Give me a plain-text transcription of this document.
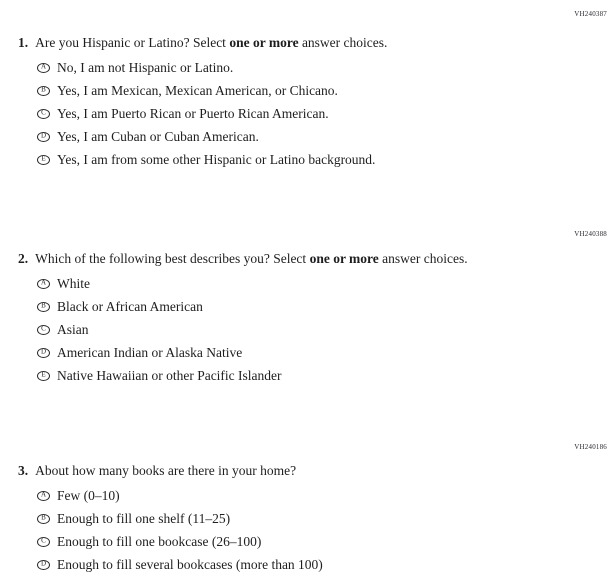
VH240387
1. Are you Hispanic or Latino? Select one or more answer choices.
A No, I am not Hispanic or Latino.
B Yes, I am Mexican, Mexican American, or Chicano.
C Yes, I am Puerto Rican or Puerto Rican American.
D Yes, I am Cuban or Cuban American.
E Yes, I am from some other Hispanic or Latino background.
VH240388
2. Which of the following best describes you? Select one or more answer choices.
A White
B Black or African American
C Asian
D American Indian or Alaska Native
E Native Hawaiian or other Pacific Islander
VH240186
3. About how many books are there in your home?
A Few (0–10)
B Enough to fill one shelf (11–25)
C Enough to fill one bookcase (26–100)
D Enough to fill several bookcases (more than 100)
